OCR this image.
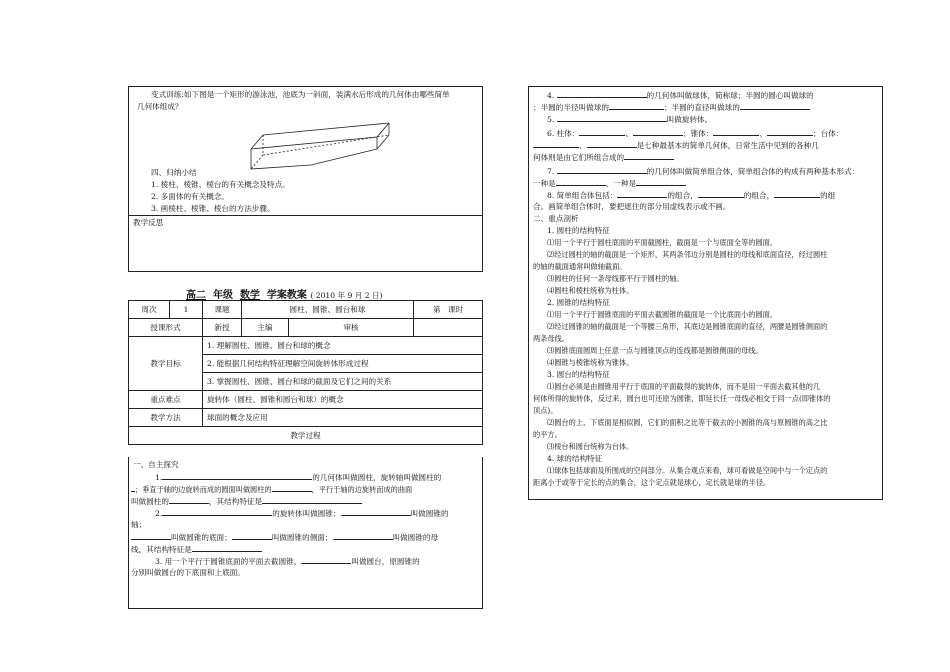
变式训练:如下图是一个矩形的游泳池，池底为一斜面，装满水后形成的几何体由哪些简单
几何体组成？
四、归纳小结
1. 棱柱、棱锥、棱台的有关概念及特点。
2. 多面体的有关概念。
3. 画棱柱、棱锥、棱台的方法步骤。
教学反思
高二 年级 数学 学案教案 ( 2010 年 9 月 2 日)
周次	1	课题	圆柱、圆锥、圆台和球		第　课时
授课形式		新授	主编	审核	
教学目标		1. 理解圆柱、圆锥、圆台和球的概念			
		2. 能根据几何结构特征理解空间旋转体形成过程			
		3. 掌握圆柱、圆锥、圆台和球的截面及它们之间的关系			
重点难点		旋转体（圆柱、圆锥和圆台和球）的概念			
教学方法		球面的概念及应用			
教学过程					
一、自主探究
1.	的几何体叫做圆柱，旋转轴叫做圆柱的
；垂直于轴的边旋转而成的圆面叫做圆柱的	，平行于轴的边旋转而成的曲面
叫做圆柱的	，其结构特征是
2.	的旋转体叫做圆锥；	叫做圆锥的
轴；
叫做圆锥的底面；	叫做圆锥的侧面；	叫做圆锥的母
线，其结构特征是
3. 用一个平行于圆锥底面的平面去截圆锥，	叫做圆台，原圆锥的
分别叫做圆台的下底面和上底面。
4.	的几何体叫做球体，简称球；半圆的圆心叫做球的
；半圆的半径叫做球的	；半圆的直径叫做球的
5.	叫做旋转体。
6. 柱体：	、	；锥体：	、	；台体：
、	是七种最基本的简单几何体，日常生活中见到的各种几
何体则是由它们所组合成的
7.	的几何体叫做简单组合体，简单组合体的构成有两种基本形式：
一种是	，一种是
8. 简单组合体包括：	的组合，	的组合，	的组
合。画简单组合体时，要把遮住的部分用虚线表示或不画。
二、重点剖析
1. 圆柱的结构特征
⑴用一个平行于圆柱底面的平面截圆柱，截面是一个与底面全等的圆面。
⑵经过圆柱的轴的截面是一个矩形，其两条邻边分别是圆柱的母线和底面直径，经过圆柱
的轴的截面通常叫做轴截面。
⑶圆柱的任何一条母线都平行于圆柱的轴。
⑷圆柱和棱柱统称为柱体。
2. 圆锥的结构特征
⑴用一个平行于圆锥底面的平面去截圆锥的截面是一个比底面小的圆面。
⑵经过圆锥的轴的截面是一个等腰三角形，其底边是圆锥底面的直径，两腰是圆锥侧面的
两条母线。
⑶圆锥底面圆周上任意一点与圆锥顶点的连线都是圆锥侧面的母线。
⑷圆锥与棱锥统称为锥体。
3. 圆台的结构特征
⑴圆台必须是由圆锥用平行于底面的平面截得的旋转体，而不是用一平面去截其他的几
何体所得的旋转体，反过来，圆台也可还原为圆锥，即延长任一母线必相交于同一点(即锥体的
顶点)。
⑵圆台的上、下底面是相似圆，它们的面积之比等于截去的小圆锥的高与原圆锥的高之比
的平方。
⑶棱台和圆台统称为台体。
4. 球的结构特征
⑴球体包括球面及所围成的空间部分。从集合观点来看，球可看做是空间中与一个定点的
距离小于或等于定长的点的集合，这个定点就是球心，定长就是球的半径。
